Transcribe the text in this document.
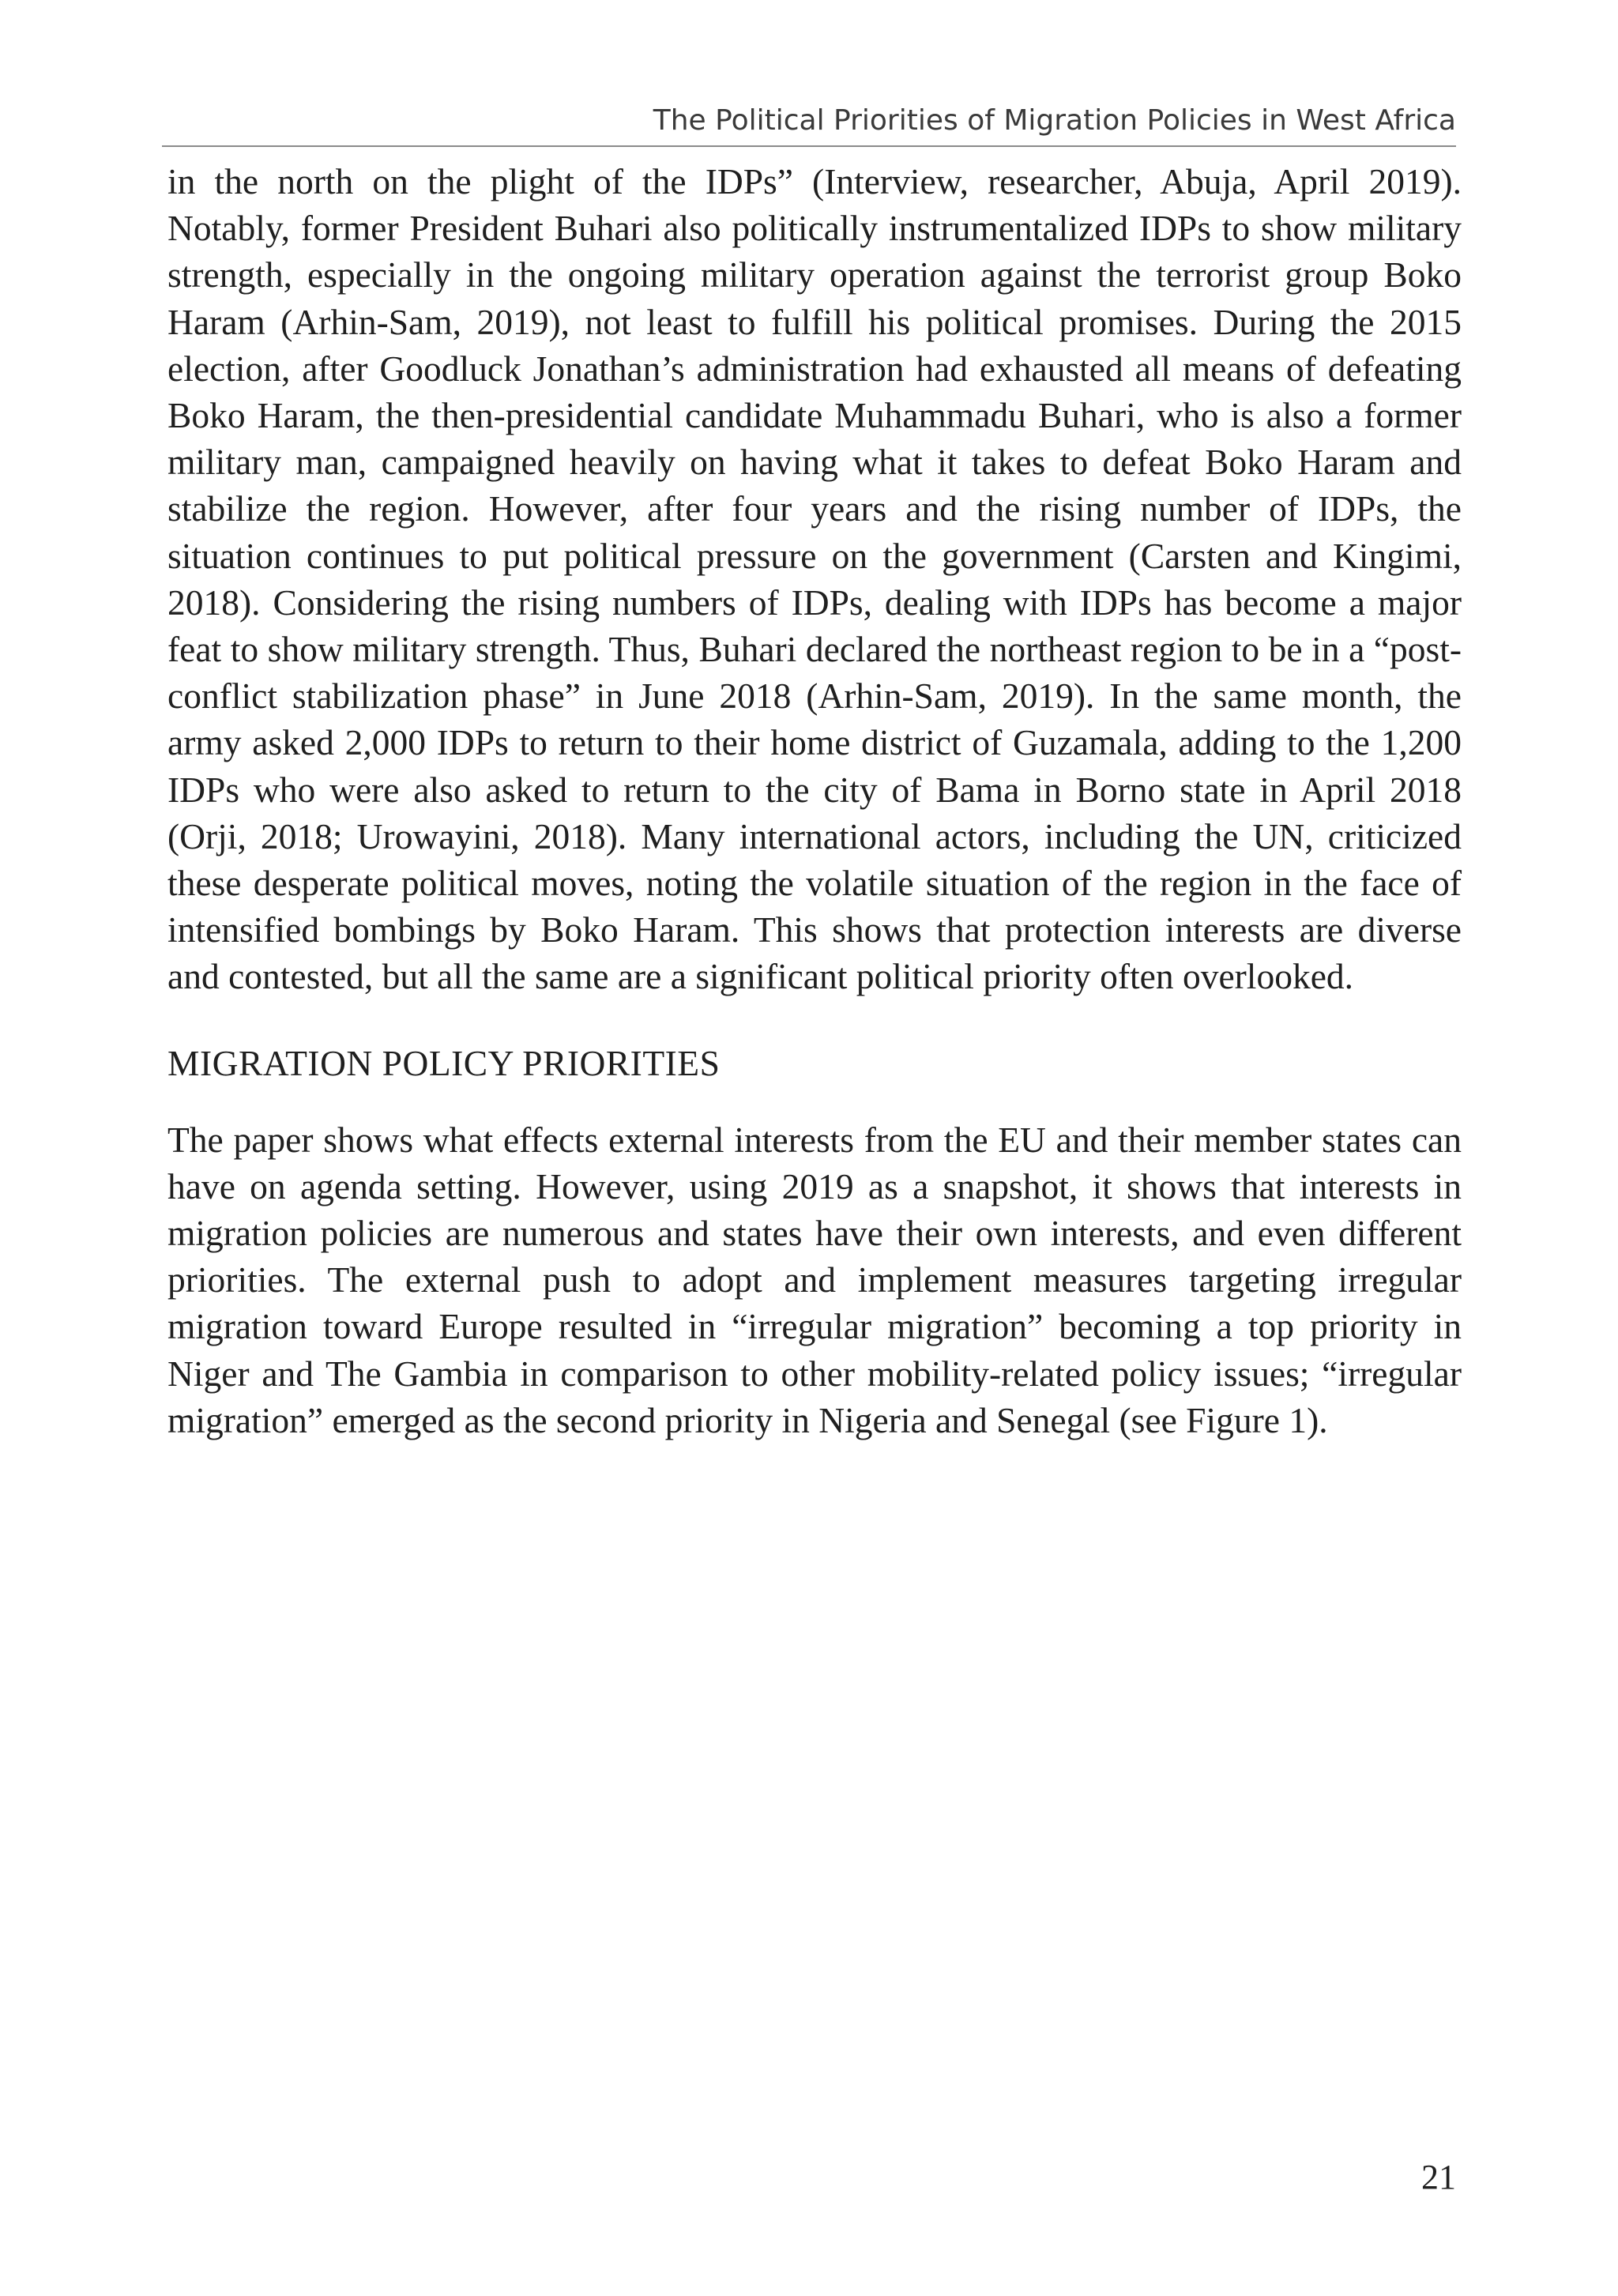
The Political Priorities of Migration Policies in West Africa

in the north on the plight of the IDPs” (Interview, researcher, Abuja, April 2019). Notably, former President Buhari also politically instrumentalized IDPs to show military strength, especially in the ongoing military operation against the terrorist group Boko Haram (Arhin-Sam, 2019), not least to fulfill his political promises. During the 2015 election, after Goodluck Jonathan’s administration had exhausted all means of defeating Boko Haram, the then-presidential candidate Muhammadu Buhari, who is also a former military man, campaigned heavily on having what it takes to defeat Boko Haram and stabilize the region. However, after four years and the rising number of IDPs, the situation continues to put political pressure on the government (Carsten and Kingimi, 2018). Considering the rising numbers of IDPs, dealing with IDPs has become a major feat to show military strength. Thus, Buhari declared the northeast region to be in a “post-conflict stabilization phase” in June 2018 (Arhin-Sam, 2019). In the same month, the army asked 2,000 IDPs to return to their home district of Guzamala, adding to the 1,200 IDPs who were also asked to return to the city of Bama in Borno state in April 2018 (Orji, 2018; Urowayini, 2018). Many international actors, including the UN, criticized these desperate political moves, noting the volatile situation of the region in the face of intensified bombings by Boko Haram. This shows that protection interests are diverse and contested, but all the same are a significant political priority often overlooked.

MIGRATION POLICY PRIORITIES

The paper shows what effects external interests from the EU and their member states can have on agenda setting. However, using 2019 as a snapshot, it shows that interests in migration policies are numerous and states have their own interests, and even different priorities. The external push to adopt and implement measures targeting irregular migration toward Europe resulted in “irregular migration” becoming a top priority in Niger and The Gambia in comparison to other mobility-related policy issues; “irregular migration” emerged as the second priority in Nigeria and Senegal (see Figure 1).

21
